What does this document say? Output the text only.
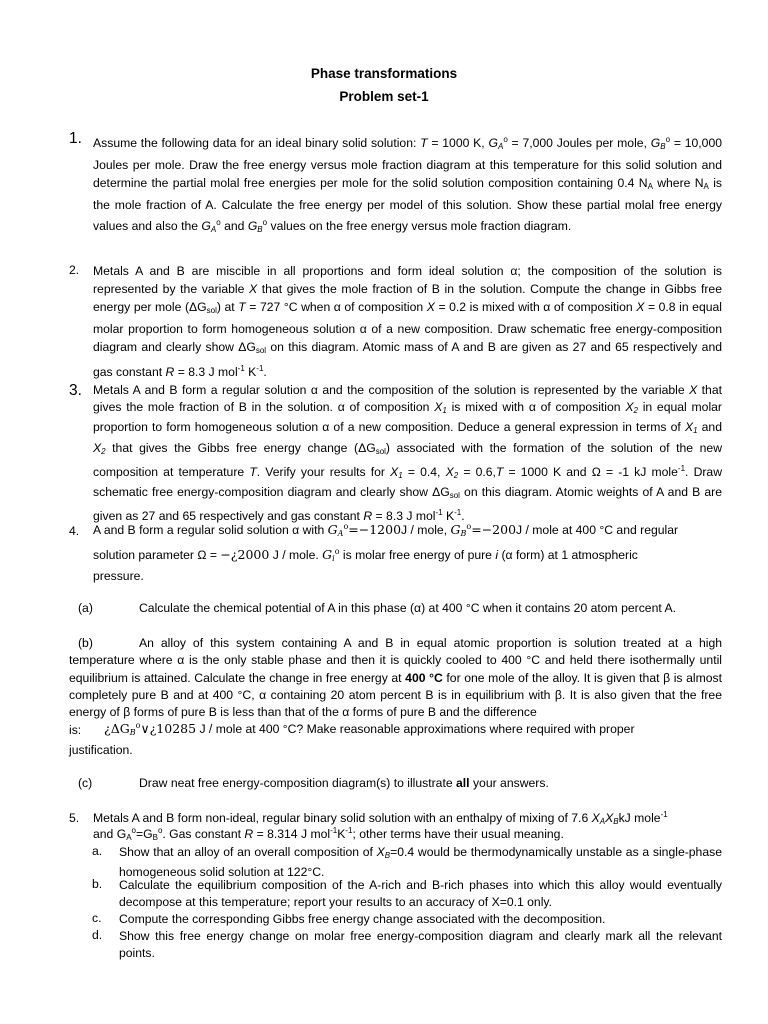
Phase transformations
Problem set-1
1. Assume the following data for an ideal binary solid solution: T = 1000 K, $G_A^o = 7,000$ Joules per mole, $G_B^o = 10,000$ Joules per mole. Draw the free energy versus mole fraction diagram at this temperature for this solid solution and determine the partial molal free energies per mole for the solid solution composition containing 0.4 $N_A$ where $N_A$ is the mole fraction of A. Calculate the free energy per model of this solution. Show these partial molal free energy values and also the $G_A^o$ and $G_B^o$ values on the free energy versus mole fraction diagram.
2. Metals A and B are miscible in all proportions and form ideal solution α; the composition of the solution is represented by the variable X that gives the mole fraction of B in the solution. Compute the change in Gibbs free energy per mole $(\Delta G_{sol})$ at T = 727 °C when α of composition X = 0.2 is mixed with α of composition X = 0.8 in equal molar proportion to form homogeneous solution α of a new composition. Draw schematic free energy-composition diagram and clearly show $\Delta G_{sol}$ on this diagram. Atomic mass of A and B are given as 27 and 65 respectively and gas constant R = 8.3 J mol$^{-1}$ $K^{-1}$.
3. Metals A and B form a regular solution α and the composition of the solution is represented by the variable X that gives the mole fraction of B in the solution. α of composition $X_1$ is mixed with α of composition $X_2$ in equal molar proportion to form homogeneous solution α of a new composition. Deduce a general expression in terms of $X_1$ and $X_2$ that gives the Gibbs free energy change $(\Delta G_{sol})$ associated with the formation of the solution of the new composition at temperature T. Verify your results for $X_1 = 0.4$, $X_2 = 0.6,T = 1000$ K and Ω = -1 kJ mole$^{-1}$. Draw schematic free energy-composition diagram and clearly show $\Delta G_{sol}$ on this diagram. Atomic weights of A and B are given as 27 and 65 respectively and gas constant R = 8.3 J mol$^{-1}$ $K^{-1}$.
4. A and B form a regular solid solution α with $G_A^o=-1200J$ / mole, $G_B^o=-200J$ / mole at 400 °C and regular
solution parameter Ω = −¿2000 J / mole. $G_i^o$ is molar free energy of pure i (α form) at 1 atmospheric
pressure.
(a)	Calculate the chemical potential of A in this phase (α) at 400 °C when it contains 20 atom percent A.
(b)	An alloy of this system containing A and B in equal atomic proportion is solution treated at a high temperature where α is the only stable phase and then it is quickly cooled to 400 °C and held there isothermally until equilibrium is attained. Calculate the change in free energy at 400 °C for one mole of the alloy. It is given that β is almost completely pure B and at 400 °C, α containing 20 atom percent B is in equilibrium with β. It is also given that the free energy of β forms of pure B is less than that of the α forms of pure B and the difference
is: ¿$\Delta G_B^o\vee¿10285$ J / mole at 400 °C? Make reasonable approximations where required with proper
justification.
(c)	Draw neat free energy-composition diagram(s) to illustrate all your answers.
5. Metals A and B form non-ideal, regular binary solid solution with an enthalpy of mixing of 7.6 $X_AX_BkJ$ mole$^{-1}$
and $G_A^o=G_B^o$. Gas constant R = 8.314 J $mol^{-1}K^{-1}$; other terms have their usual meaning.
a. Show that an alloy of an overall composition of $X_B=0.4$ would be thermodynamically unstable as a single-phase homogeneous solid solution at 122°C.
b. Calculate the equilibrium composition of the A-rich and B-rich phases into which this alloy would eventually decompose at this temperature; report your results to an accuracy of X=0.1 only.
c. Compute the corresponding Gibbs free energy change associated with the decomposition.
d. Show this free energy change on molar free energy-composition diagram and clearly mark all the relevant points.
